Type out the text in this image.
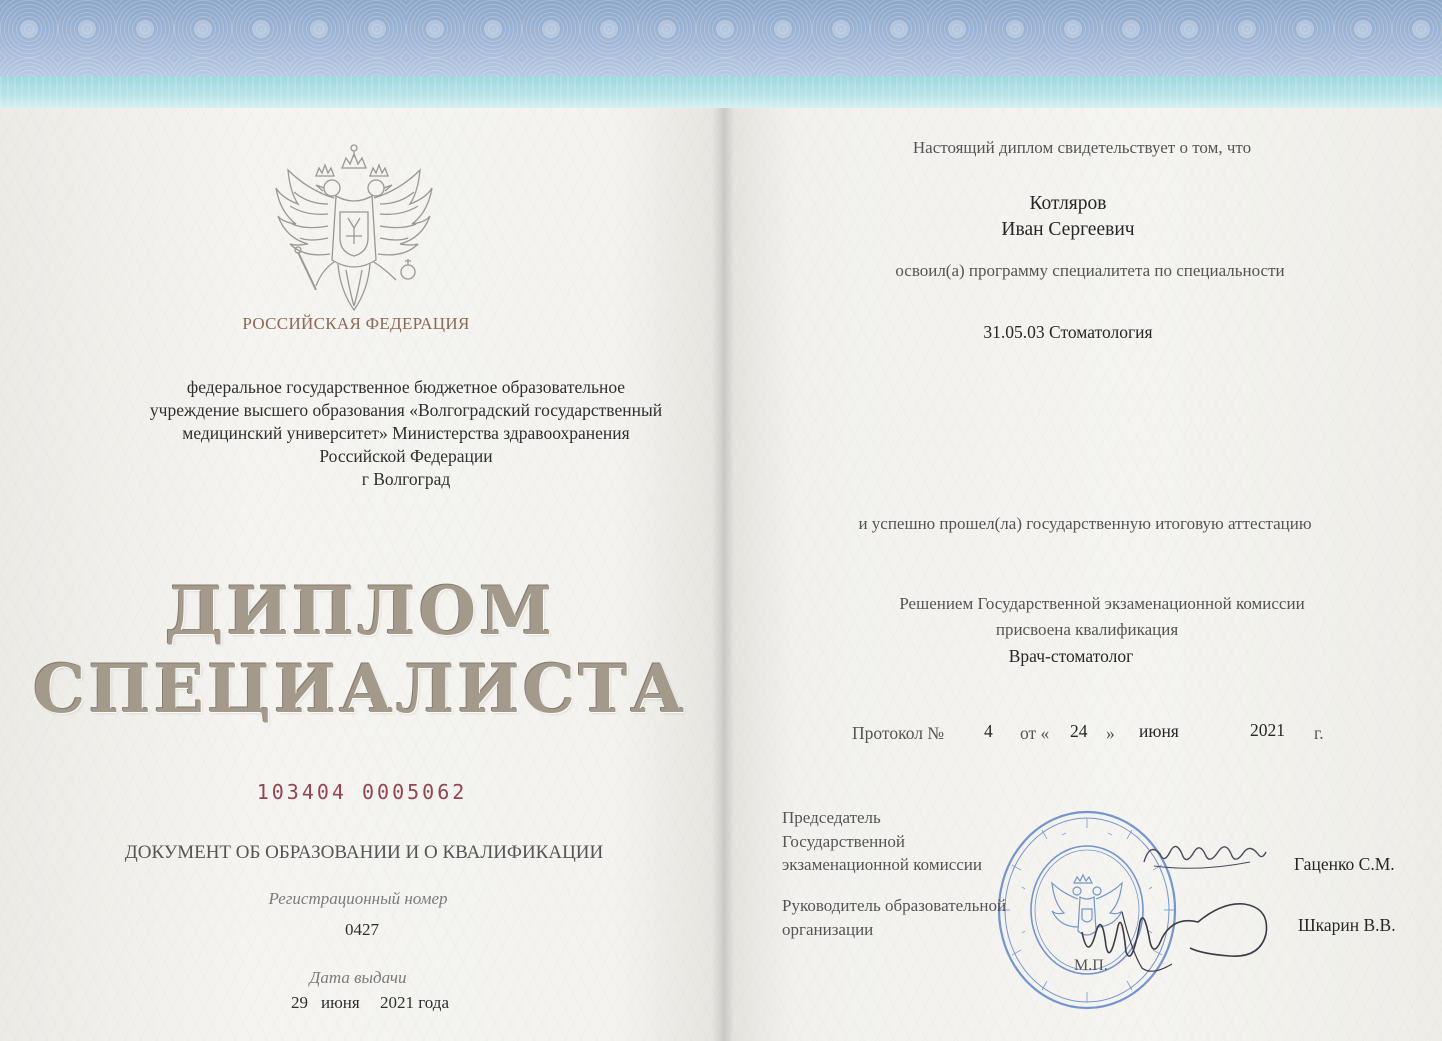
РОССИЙСКАЯ ФЕДЕРАЦИЯ
федеральное государственное бюджетное образовательное
учреждение высшего образования «Волгоградский государственный
медицинский университет» Министерства здравоохранения
Российской Федерации
г Волгоград
ДИПЛОМ
СПЕЦИАЛИСТА
103404 0005062
ДОКУМЕНТ ОБ ОБРАЗОВАНИИ И О КВАЛИФИКАЦИИ
Регистрационный номер
0427
Дата выдачи
29 июня 2021 года
Настоящий диплом свидетельствует о том, что
Котляров
Иван Сергеевич
освоил(а) программу специалитета по специальности
31.05.03 Стоматология
и успешно прошел(ла) государственную итоговую аттестацию
Решением Государственной экзаменационной комиссии
присвоена квалификация
Врач-стоматолог
Протокол № 4 от « 24 » июня	2021 г.
Председатель
Государственной
экзаменационной комиссии	Гаценко С.М.
Руководитель образовательной
организации	Шкарин В.В.
М.П.
